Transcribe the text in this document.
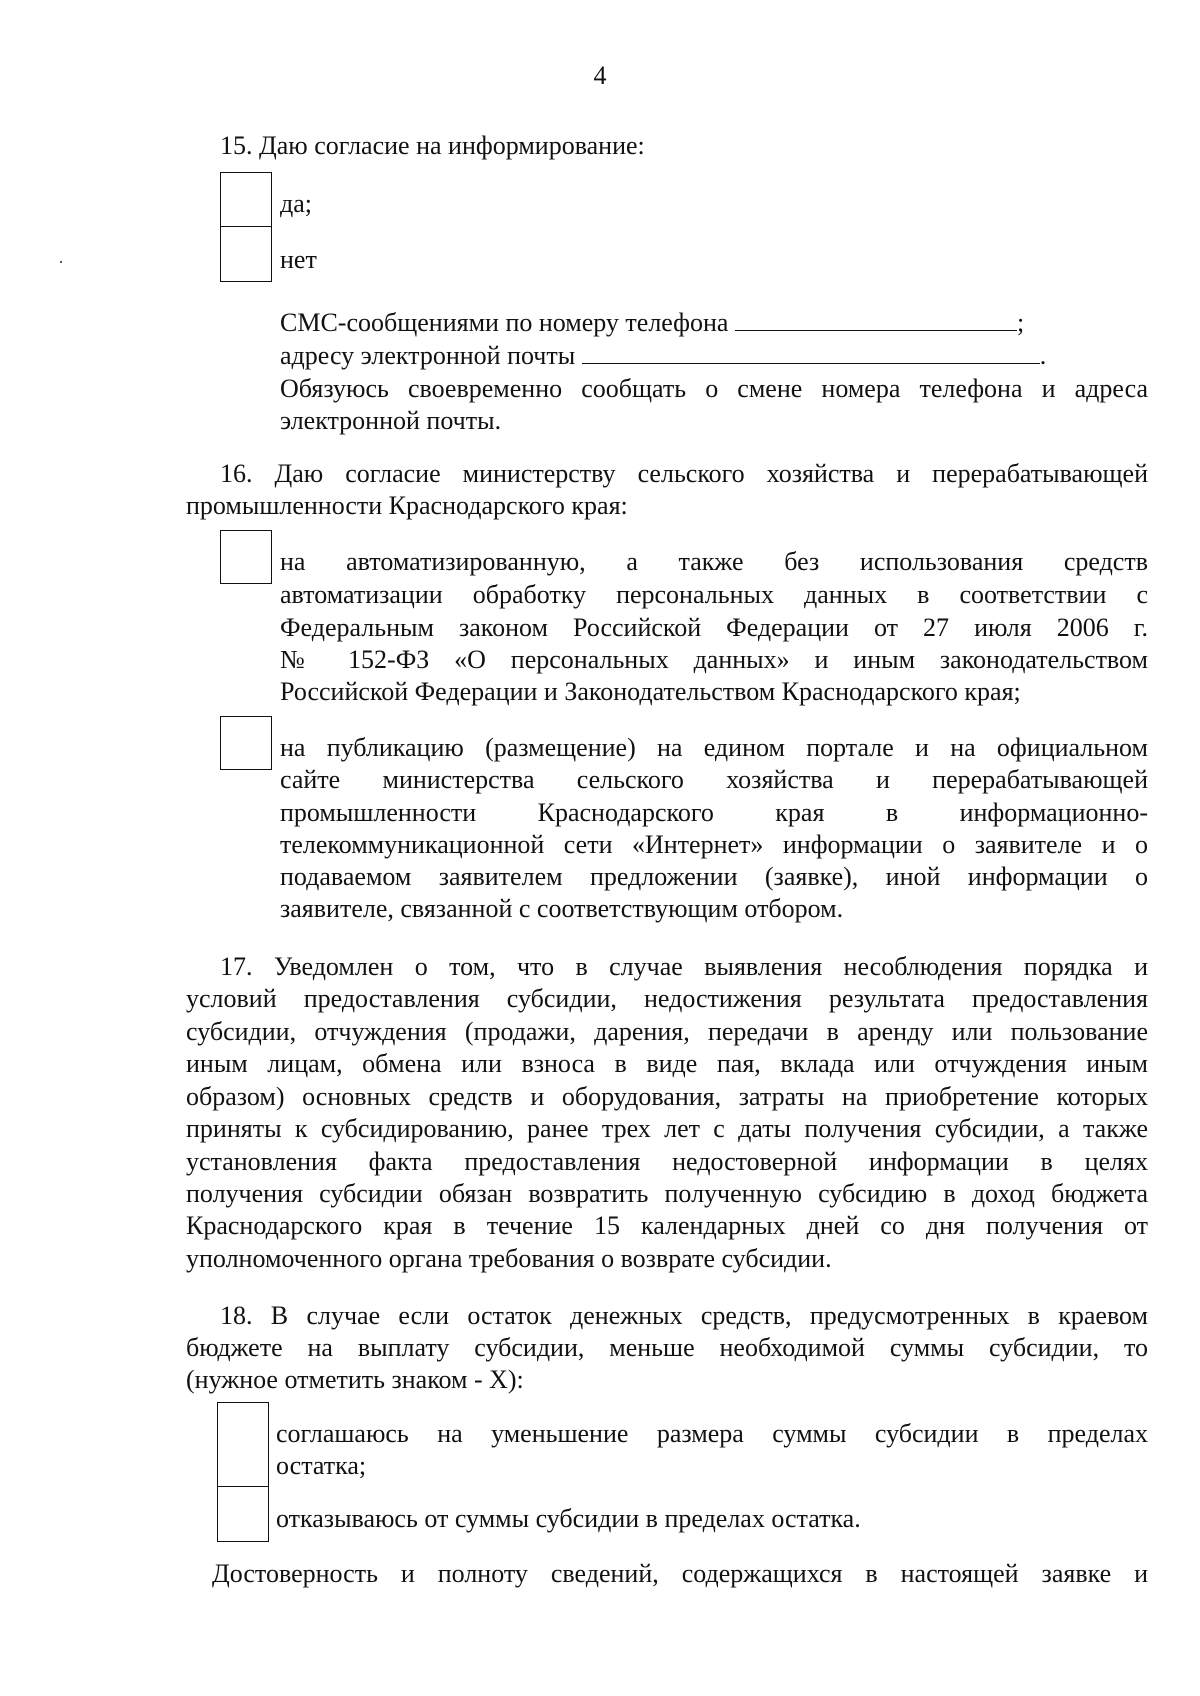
4

15. Даю согласие на информирование:

да;

нет

СМС-сообщениями по номеру телефона	;

адресу электронной почты	.

Обязуюсь своевременно сообщать о смене номера телефона и адреса

электронной почты.

16. Даю согласие министерству сельского хозяйства и перерабатывающей

промышленности Краснодарского края:

на автоматизированную, а также без использования средств

автоматизации обработку персональных данных в соответствии с

Федеральным законом Российской Федерации от 27 июля 2006 г.

№ 152-ФЗ «О персональных данных» и иным законодательством

Российской Федерации и Законодательством Краснодарского края;

на публикацию (размещение) на едином портале и на официальном

сайте министерства сельского хозяйства и перерабатывающей

промышленности Краснодарского края в информационно-

телекоммуникационной сети «Интернет» информации о заявителе и о

подаваемом заявителем предложении (заявке), иной информации о

заявителе, связанной с соответствующим отбором.

17. Уведомлен о том, что в случае выявления несоблюдения порядка и

условий предоставления субсидии, недостижения результата предоставления

субсидии, отчуждения (продажи, дарения, передачи в аренду или пользование

иным лицам, обмена или взноса в виде пая, вклада или отчуждения иным

образом) основных средств и оборудования, затраты на приобретение которых

приняты к субсидированию, ранее трех лет с даты получения субсидии, а также

установления факта предоставления недостоверной информации в целях

получения субсидии обязан возвратить полученную субсидию в доход бюджета

Краснодарского края в течение 15 календарных дней со дня получения от

уполномоченного органа требования о возврате субсидии.

18. В случае если остаток денежных средств, предусмотренных в краевом

бюджете на выплату субсидии, меньше необходимой суммы субсидии, то

(нужное отметить знаком - X):

соглашаюсь на уменьшение размера суммы субсидии в пределах

остатка;

отказываюсь от суммы субсидии в пределах остатка.

Достоверность и полноту сведений, содержащихся в настоящей заявке и
